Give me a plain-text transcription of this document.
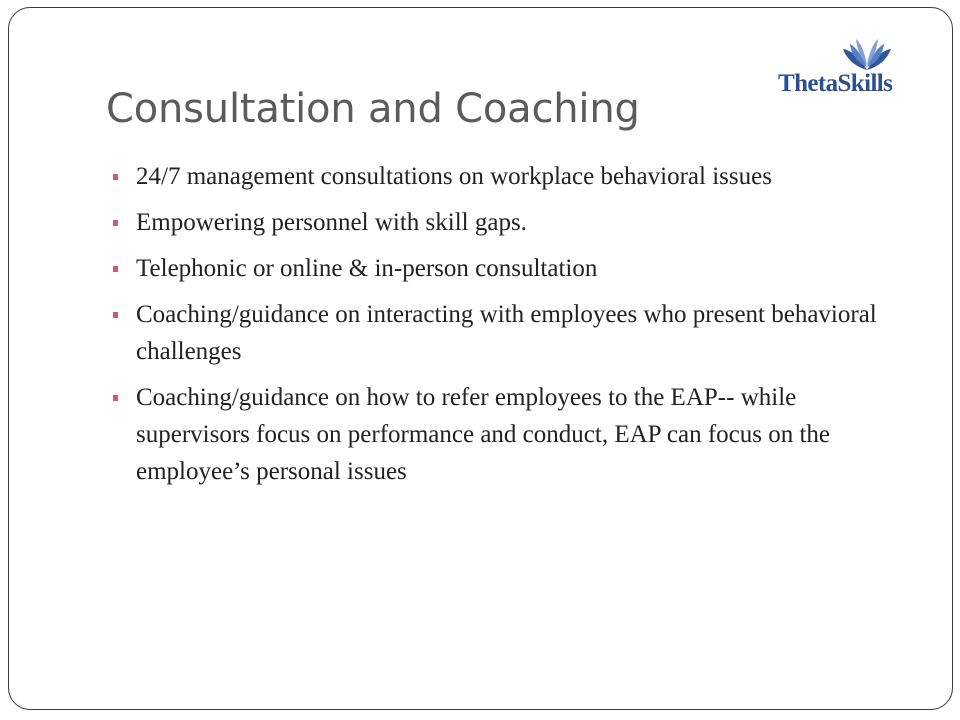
Consultation and Coaching
ThetaSkills
24/7 management consultations on workplace behavioral issues
Empowering personnel with skill gaps.
Telephonic or online & in-person consultation
Coaching/guidance on interacting with employees who present behavioral challenges
Coaching/guidance on how to refer employees to the EAP-- while supervisors focus on performance and conduct, EAP can focus on the employee’s personal issues
